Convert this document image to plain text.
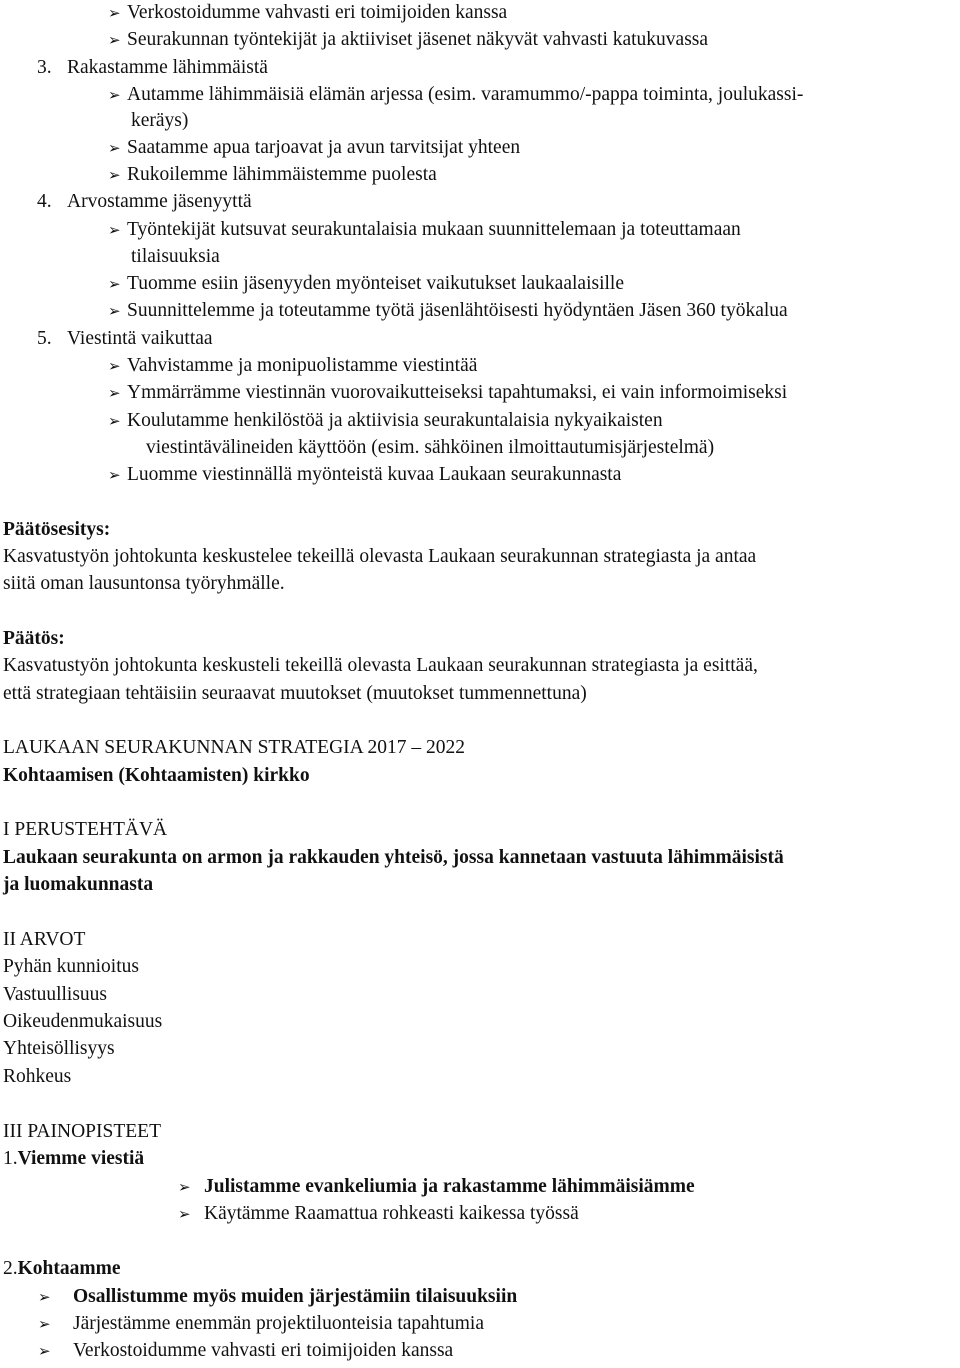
➢ Verkostoidumme vahvasti eri toimijoiden kanssa
➢ Seurakunnan työntekijät ja aktiiviset jäsenet näkyvät vahvasti katukuvassa
3. Rakastamme lähimmäistä
➢ Autamme lähimmäisiä elämän arjessa (esim. varamummo/-pappa toiminta, joulukassi-
keräys)
➢ Saatamme apua tarjoavat ja avun tarvitsijat yhteen
➢ Rukoilemme lähimmäistemme puolesta
4. Arvostamme jäsenyyttä
➢ Työntekijät kutsuvat seurakuntalaisia mukaan suunnittelemaan ja toteuttamaan
tilaisuuksia
➢ Tuomme esiin jäsenyyden myönteiset vaikutukset laukaalaisille
➢ Suunnittelemme ja toteutamme työtä jäsenlähtöisesti hyödyntäen Jäsen 360 työkalua
5. Viestintä vaikuttaa
➢ Vahvistamme ja monipuolistamme viestintää
➢ Ymmärrämme viestinnän vuorovaikutteiseksi tapahtumaksi, ei vain informoimiseksi
➢ Koulutamme henkilöstöä ja aktiivisia seurakuntalaisia nykyaikaisten
viestintävälineiden käyttöön (esim. sähköinen ilmoittautumisjärjestelmä)
➢ Luomme viestinnällä myönteistä kuvaa Laukaan seurakunnasta
Päätösesitys:
Kasvatustyön johtokunta keskustelee tekeillä olevasta Laukaan seurakunnan strategiasta ja antaa
siitä oman lausuntonsa työryhmälle.
Päätös:
Kasvatustyön johtokunta keskusteli tekeillä olevasta Laukaan seurakunnan strategiasta ja esittää,
että strategiaan tehtäisiin seuraavat muutokset (muutokset tummennettuna)
LAUKAAN SEURAKUNNAN STRATEGIA 2017 – 2022
Kohtaamisen (Kohtaamisten) kirkko
I PERUSTEHTÄVÄ
Laukaan seurakunta on armon ja rakkauden yhteisö, jossa kannetaan vastuuta lähimmäisistä
ja luomakunnasta
II ARVOT
Pyhän kunnioitus
Vastuullisuus
Oikeudenmukaisuus
Yhteisöllisyys
Rohkeus
III PAINOPISTEET
1.Viemme viestiä
➢ Julistamme evankeliumia ja rakastamme lähimmäisiämme
➢ Käytämme Raamattua rohkeasti kaikessa työssä
2.Kohtaamme
➢ Osallistumme myös muiden järjestämiin tilaisuuksiin
➢ Järjestämme enemmän projektiluonteisia tapahtumia
➢ Verkostoidumme vahvasti eri toimijoiden kanssa
